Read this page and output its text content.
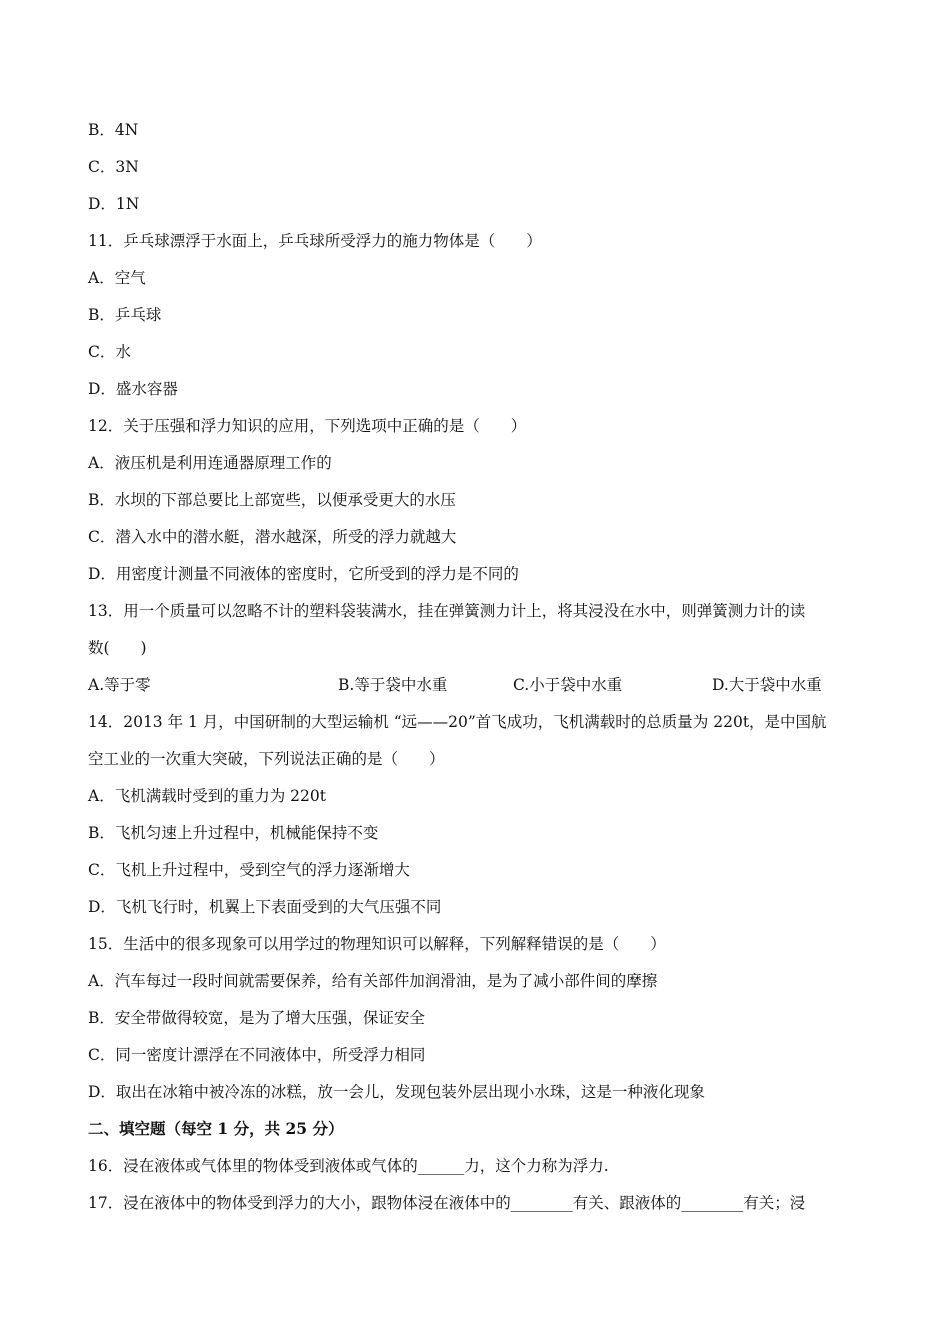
B．4N
C．3N
D．1N
11．乒乓球漂浮于水面上，乒乓球所受浮力的施力物体是（　　）
A．空气
B．乒乓球
C．水
D．盛水容器
12．关于压强和浮力知识的应用，下列选项中正确的是（　　）
A．液压机是利用连通器原理工作的
B．水坝的下部总要比上部宽些，以便承受更大的水压
C．潜入水中的潜水艇，潜水越深，所受的浮力就越大
D．用密度计测量不同液体的密度时，它所受到的浮力是不同的
13．用一个质量可以忽略不计的塑料袋装满水，挂在弹簧测力计上，将其浸没在水中，则弹簧测力计的读
数(　　)
A.等于零	B.等于袋中水重	C.小于袋中水重	D.大于袋中水重
14．2013 年 1 月，中国研制的大型运输机 “远——20”首飞成功，飞机满载时的总质量为 220t，是中国航
空工业的一次重大突破，下列说法正确的是（　　）
A．飞机满载时受到的重力为 220t
B．飞机匀速上升过程中，机械能保持不变
C．飞机上升过程中，受到空气的浮力逐渐增大
D．飞机飞行时，机翼上下表面受到的大气压强不同
15．生活中的很多现象可以用学过的物理知识可以解释，下列解释错误的是（　　）
A．汽车每过一段时间就需要保养，给有关部件加润滑油，是为了减小部件间的摩擦
B．安全带做得较宽，是为了增大压强，保证安全
C．同一密度计漂浮在不同液体中，所受浮力相同
D．取出在冰箱中被冷冻的冰糕，放一会儿，发现包装外层出现小水珠，这是一种液化现象
二、填空题（每空 1 分，共 25 分）
16．浸在液体或气体里的物体受到液体或气体的______力，这个力称为浮力.
17．浸在液体中的物体受到浮力的大小，跟物体浸在液体中的________有关、跟液体的________有关；浸
